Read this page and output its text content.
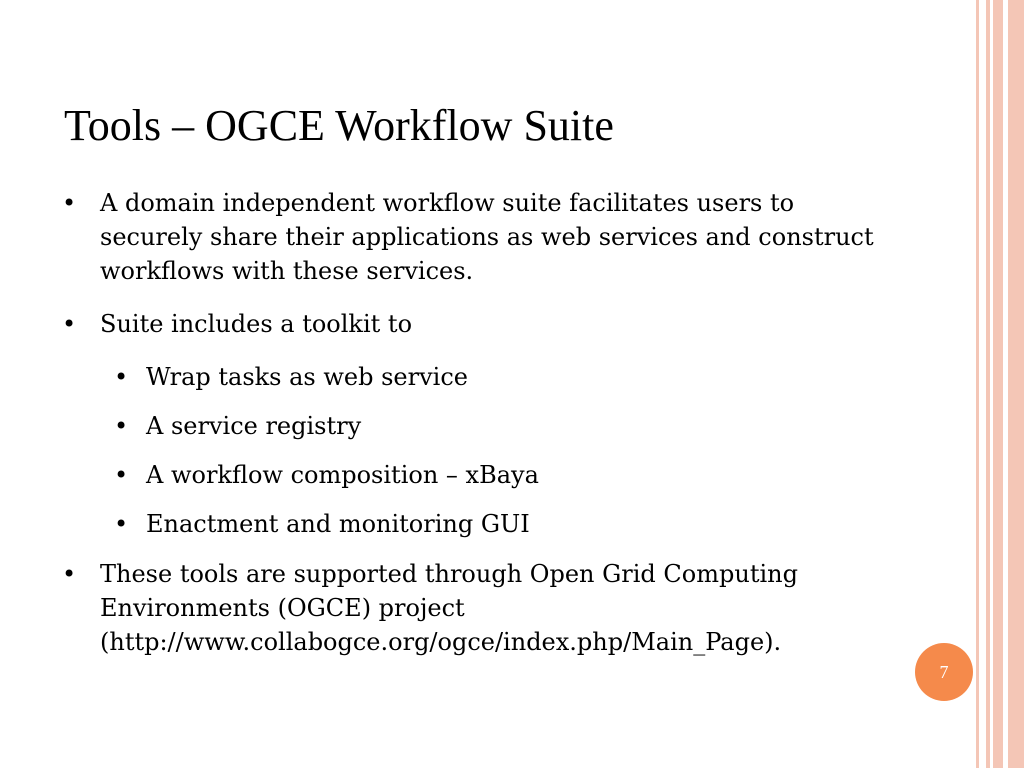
Tools – OGCE Workflow Suite
• A domain independent workflow suite facilitates users to securely share their applications as web services and construct workflows with these services.
• Suite includes a toolkit to
• Wrap tasks as web service
• A service registry
• A workflow composition – xBaya
• Enactment and monitoring GUI
• These tools are supported through Open Grid Computing Environments (OGCE) project (http://www.collabogce.org/ogce/index.php/Main_Page).
7
